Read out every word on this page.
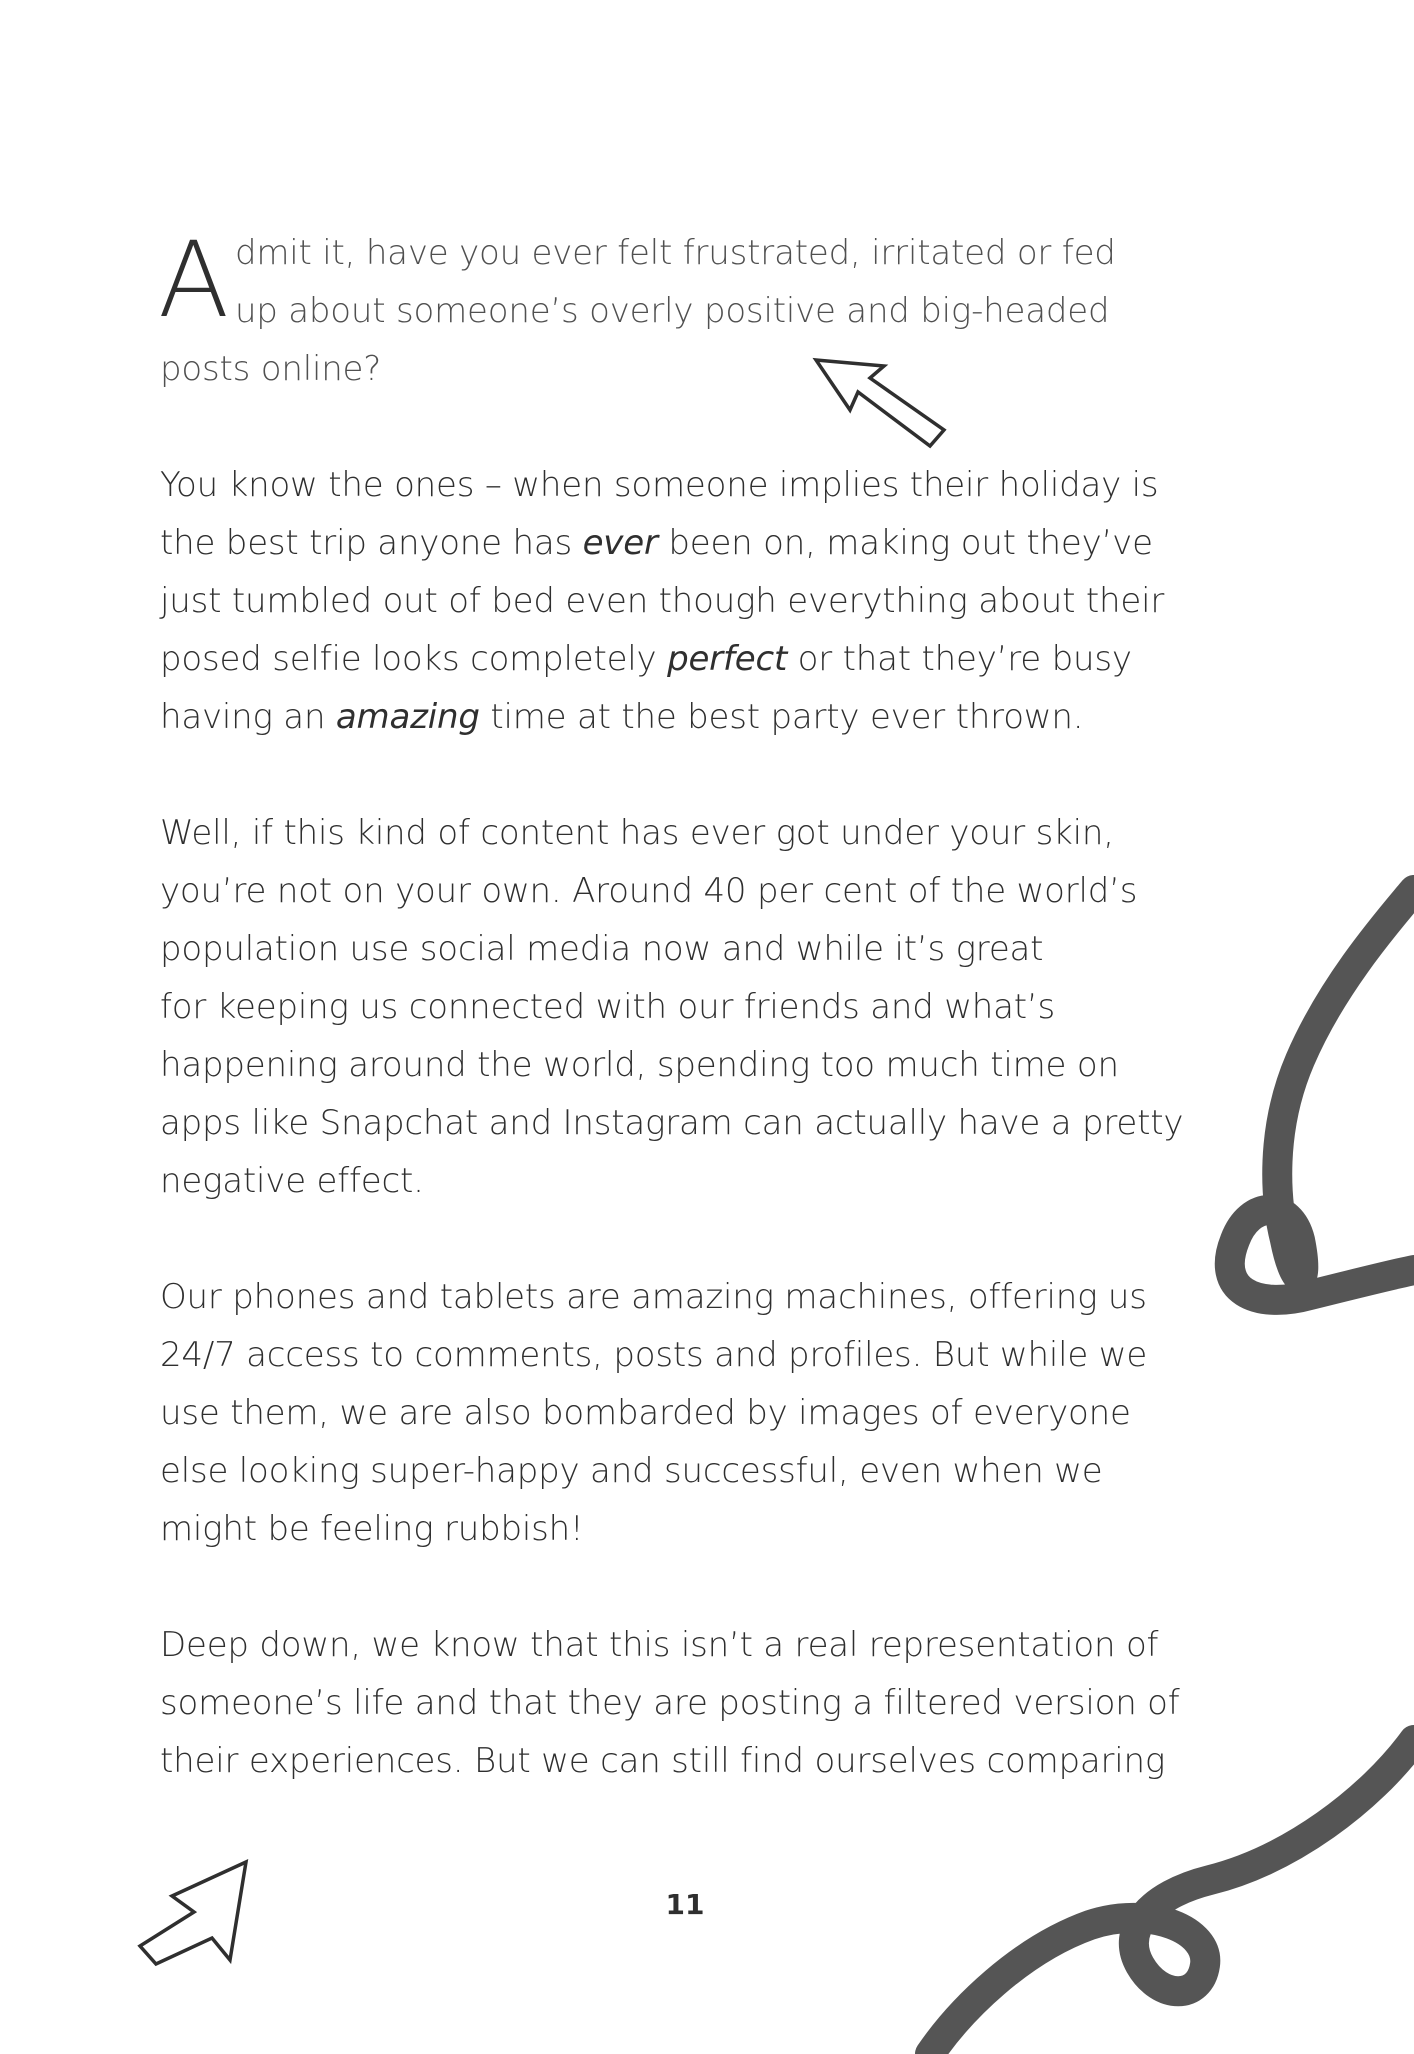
A dmit it, have you ever felt frustrated, irritated or fed
up about someone’s overly positive and big-headed
posts online?

You know the ones – when someone implies their holiday is
the best trip anyone has ever been on, making out they’ve
just tumbled out of bed even though everything about their
posed selfie looks completely perfect or that they’re busy
having an amazing time at the best party ever thrown.

Well, if this kind of content has ever got under your skin,
you’re not on your own. Around 40 per cent of the world’s
population use social media now and while it’s great
for keeping us connected with our friends and what’s
happening around the world, spending too much time on
apps like Snapchat and Instagram can actually have a pretty
negative effect.

Our phones and tablets are amazing machines, offering us
24/7 access to comments, posts and profiles. But while we
use them, we are also bombarded by images of everyone
else looking super-happy and successful, even when we
might be feeling rubbish!

Deep down, we know that this isn’t a real representation of
someone’s life and that they are posting a filtered version of
their experiences. But we can still find ourselves comparing

11
